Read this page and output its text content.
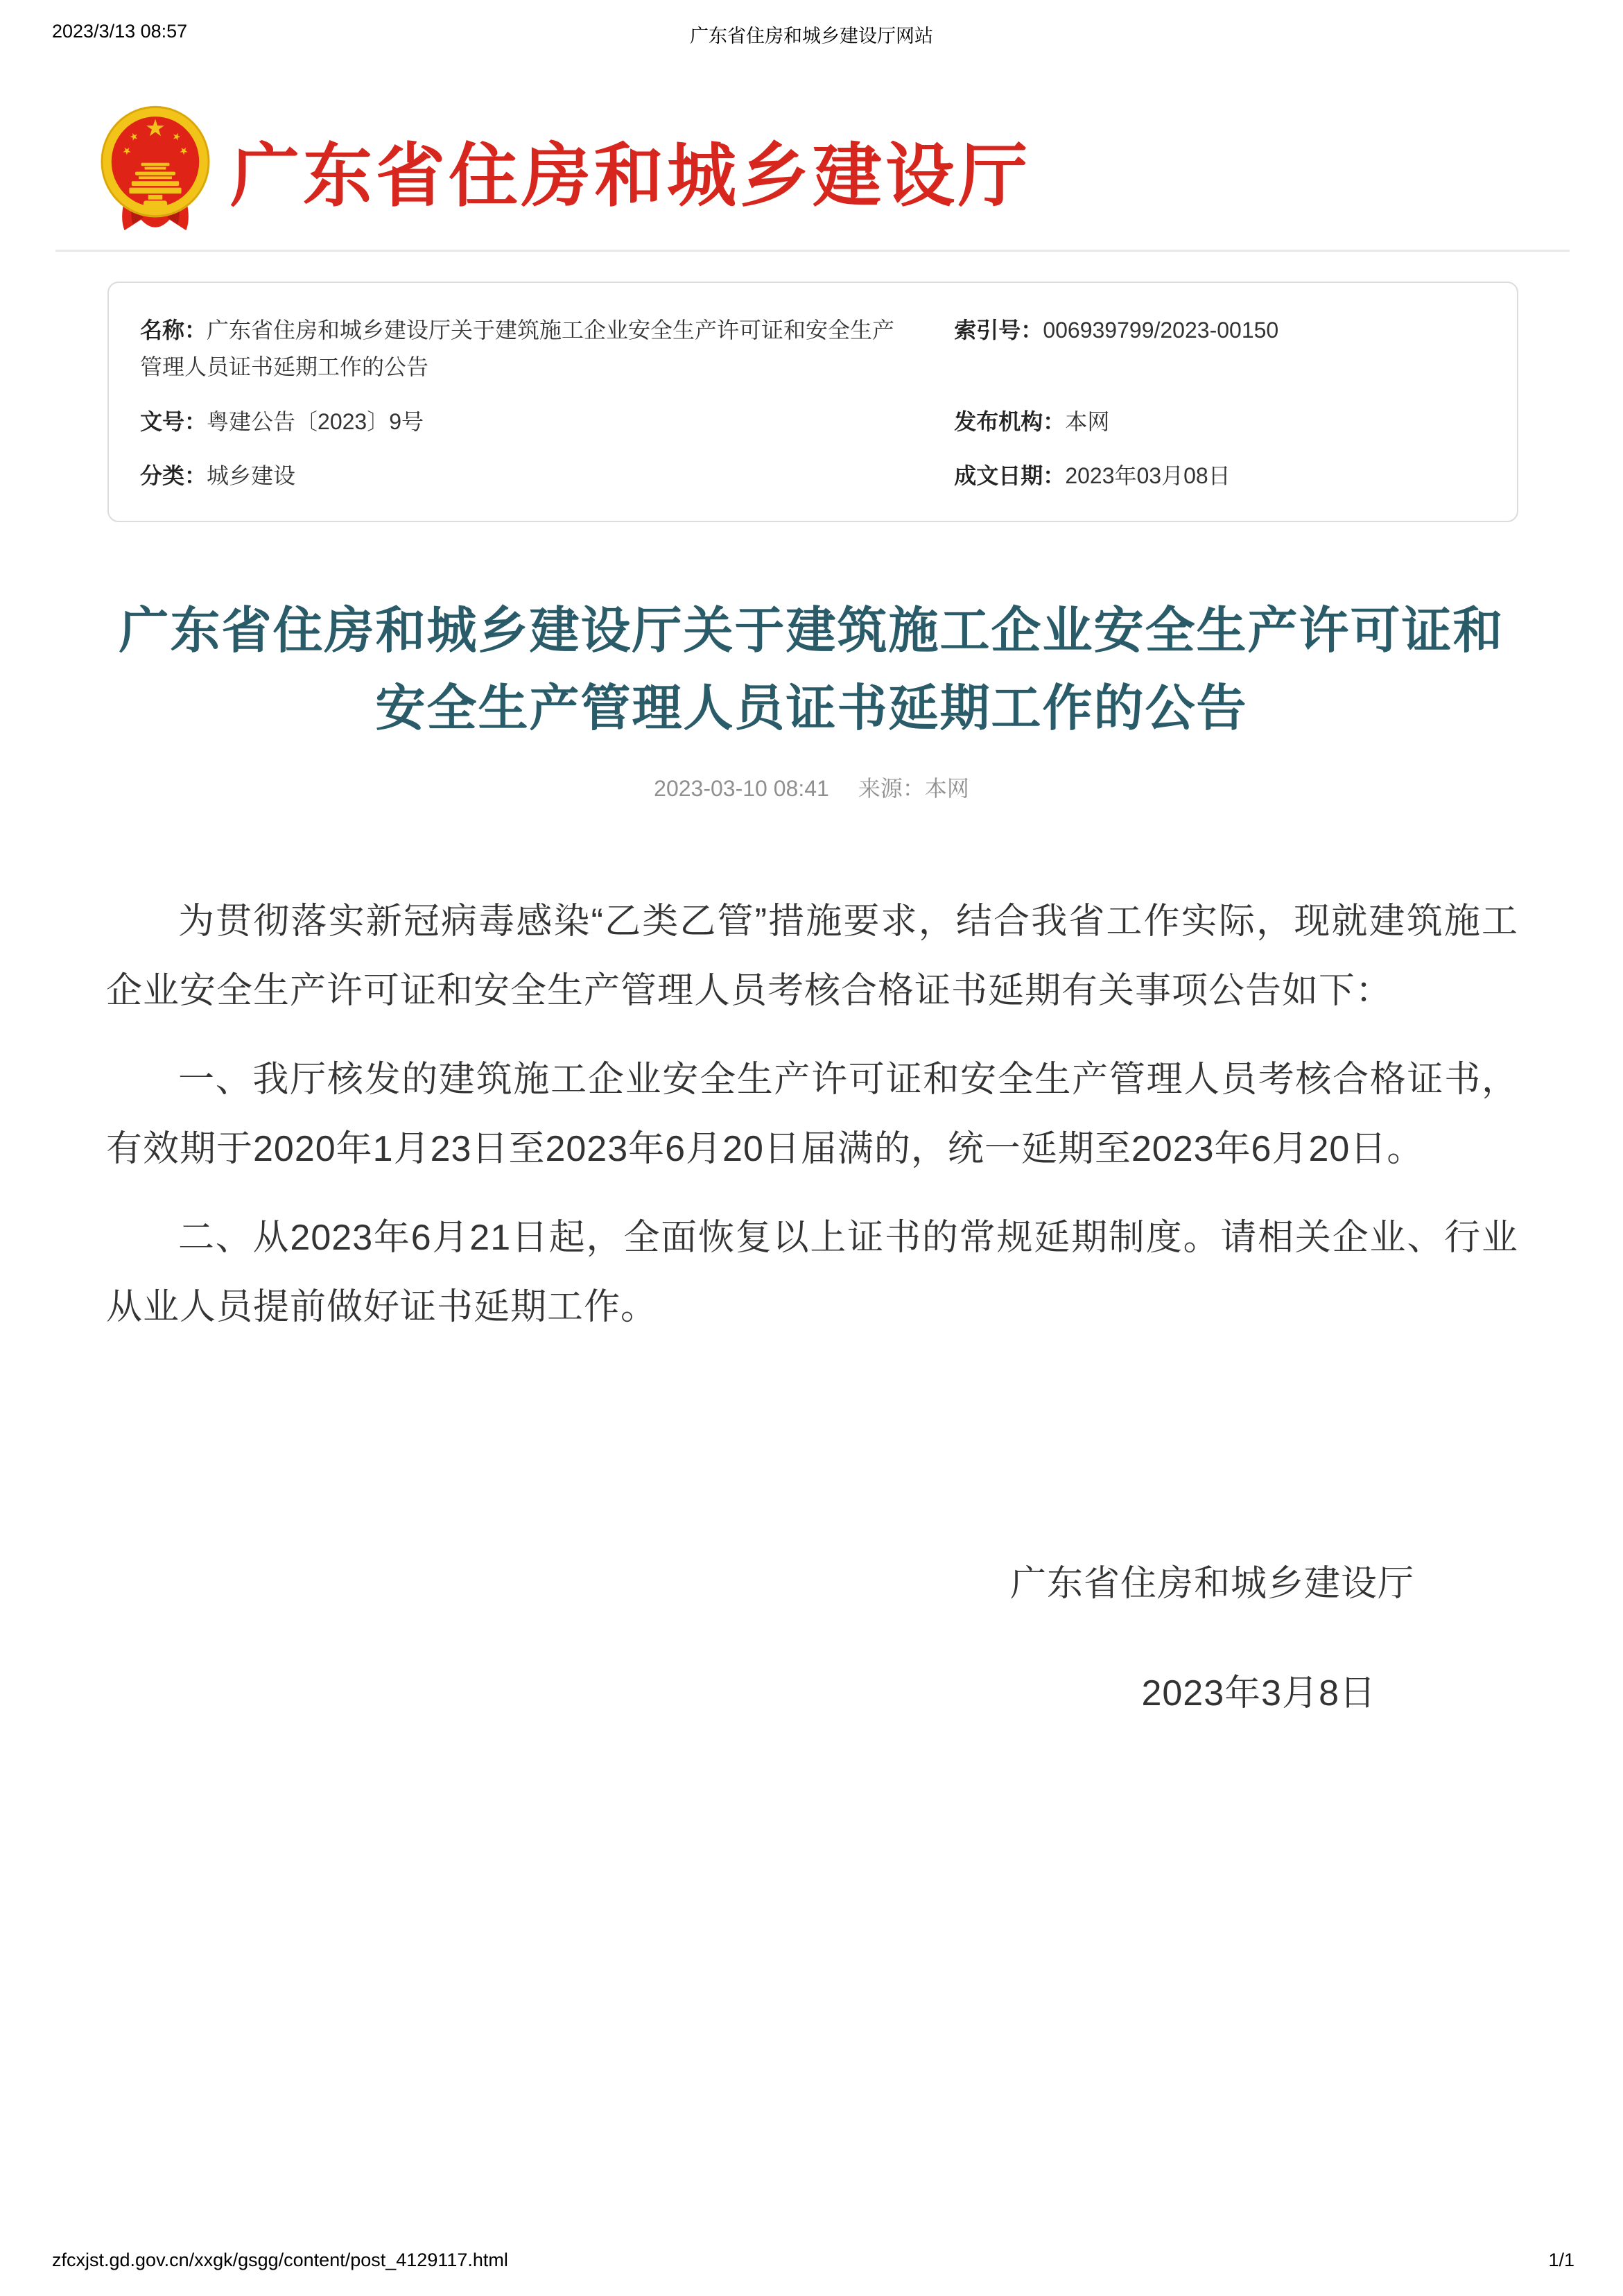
2023/3/13 08:57	广东省住房和城乡建设厅网站
广东省住房和城乡建设厅
名称：广东省住房和城乡建设厅关于建筑施工企业安全生产许可证和安全生产管理人员证书延期工作的公告
索引号：006939799/2023-00150
文号：粤建公告〔2023〕9号	发布机构：本网
分类：城乡建设	成文日期：2023年03月08日
广东省住房和城乡建设厅关于建筑施工企业安全生产许可证和安全生产管理人员证书延期工作的公告
2023-03-10 08:41 来源：本网

为贯彻落实新冠病毒感染“乙类乙管”措施要求，结合我省工作实际，现就建筑施工企业安全生产许可证和安全生产管理人员考核合格证书延期有关事项公告如下：

一、我厅核发的建筑施工企业安全生产许可证和安全生产管理人员考核合格证书，有效期于2020年1月23日至2023年6月20日届满的，统一延期至2023年6月20日。

二、从2023年6月21日起，全面恢复以上证书的常规延期制度。请相关企业、行业从业人员提前做好证书延期工作。

广东省住房和城乡建设厅
2023年3月8日
zfcxjst.gd.gov.cn/xxgk/gsgg/content/post_4129117.html	1/1
